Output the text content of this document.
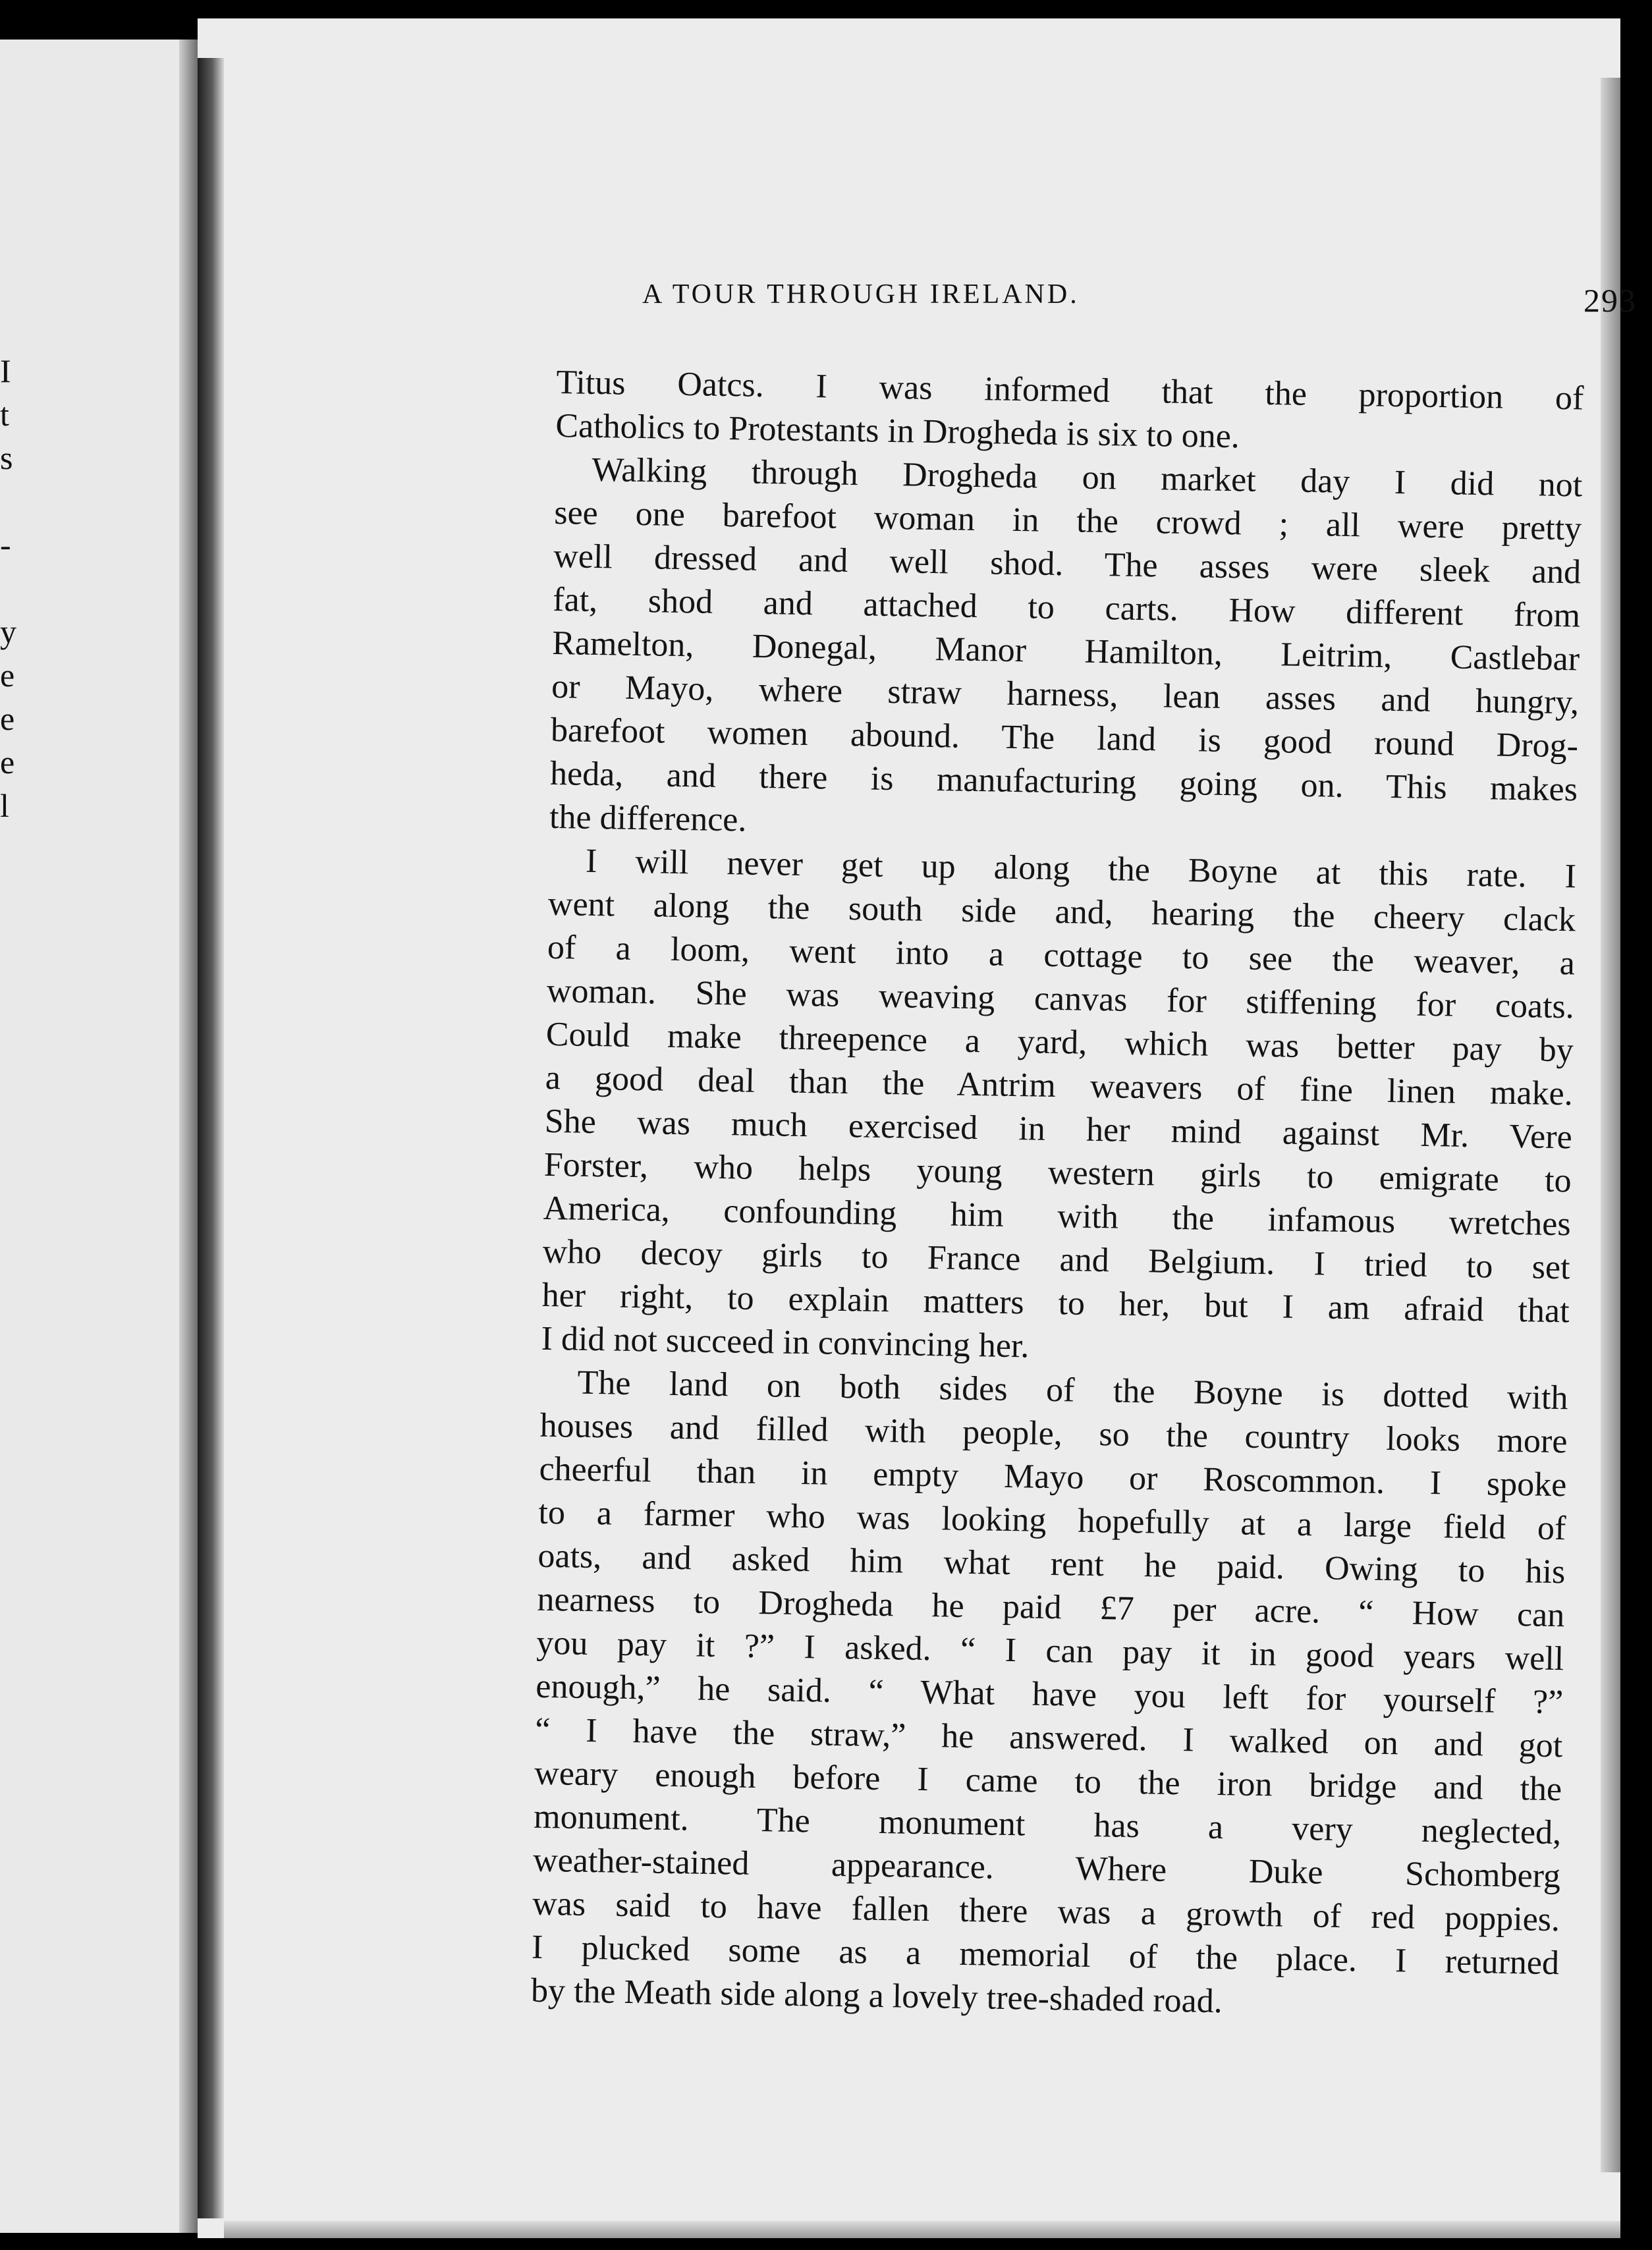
I
t
s
-
y
e
e
e
l
A TOUR THROUGH IRELAND.	293

Titus Oatcs. I was informed that the proportion of
Catholics to Protestants in Drogheda is six to one.

Walking through Drogheda on market day I did not
see one barefoot woman in the crowd ; all were pretty
well dressed and well shod. The asses were sleek and
fat, shod and attached to carts. How different from
Ramelton, Donegal, Manor Hamilton, Leitrim, Castlebar
or Mayo, where straw harness, lean asses and hungry,
barefoot women abound. The land is good round Drog-
heda, and there is manufacturing going on. This makes
the difference.

I will never get up along the Boyne at this rate. I
went along the south side and, hearing the cheery clack
of a loom, went into a cottage to see the weaver, a
woman. She was weaving canvas for stiffening for coats.
Could make threepence a yard, which was better pay by
a good deal than the Antrim weavers of fine linen make.
She was much exercised in her mind against Mr. Vere
Forster, who helps young western girls to emigrate to
America, confounding him with the infamous wretches
who decoy girls to France and Belgium. I tried to set
her right, to explain matters to her, but I am afraid that
I did not succeed in convincing her.

The land on both sides of the Boyne is dotted with
houses and filled with people, so the country looks more
cheerful than in empty Mayo or Roscommon. I spoke
to a farmer who was looking hopefully at a large field of
oats, and asked him what rent he paid. Owing to his
nearness to Drogheda he paid £7 per acre. “ How can
you pay it ?” I asked. “ I can pay it in good years well
enough,” he said. “ What have you left for yourself ?”
“ I have the straw,” he answered. I walked on and got
weary enough before I came to the iron bridge and the
monument. The monument has a very neglected,
weather-stained appearance. Where Duke Schomberg
was said to have fallen there was a growth of red poppies.
I plucked some as a memorial of the place. I returned
by the Meath side along a lovely tree-shaded road.
